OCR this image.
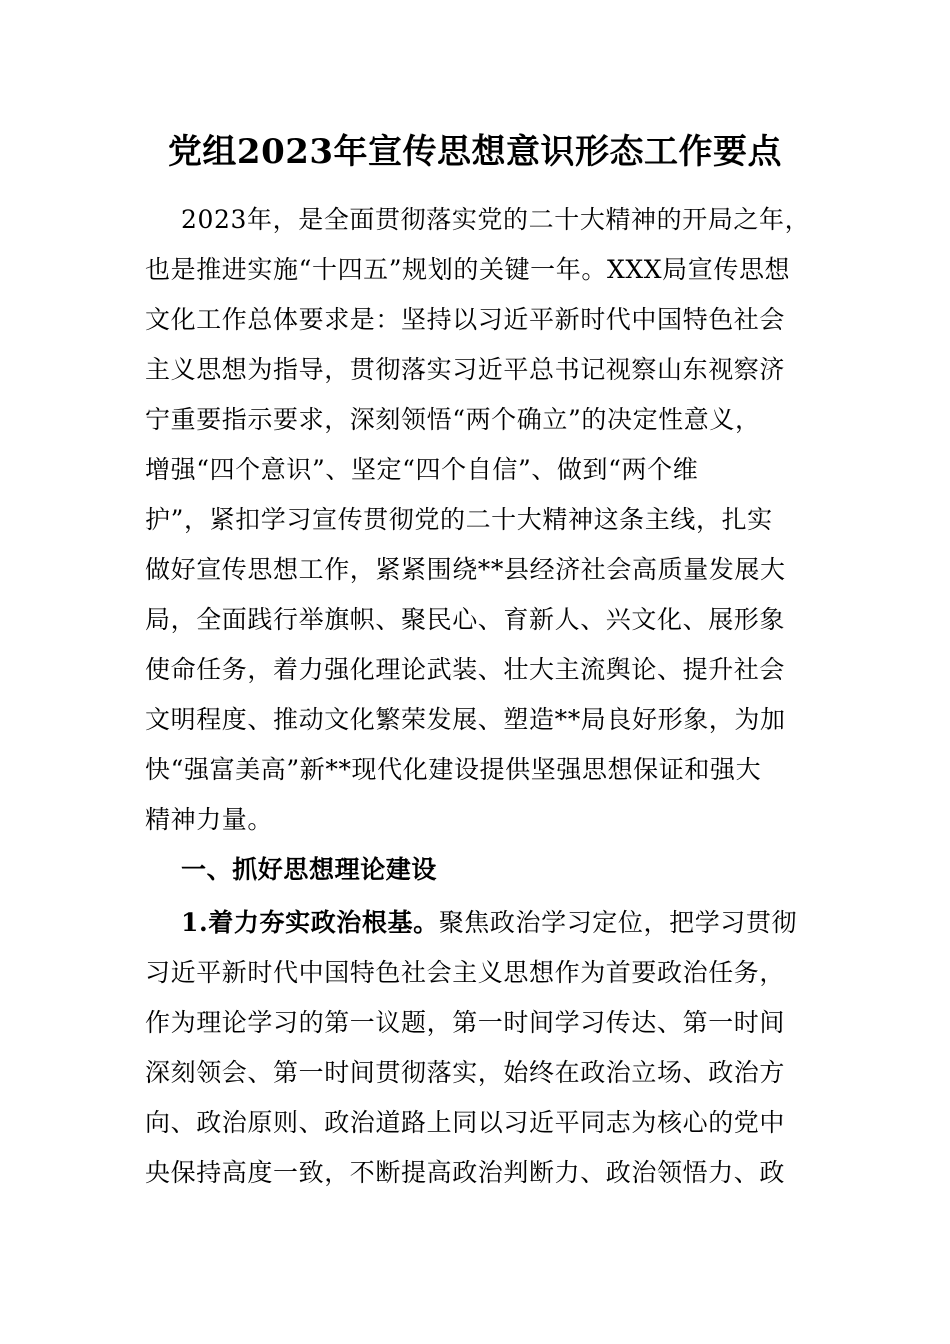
党组2023年宣传思想意识形态工作要点
2023年，是全面贯彻落实党的二十大精神的开局之年，
也是推进实施“十四五”规划的关键一年。XXX局宣传思想
文化工作总体要求是：坚持以习近平新时代中国特色社会
主义思想为指导，贯彻落实习近平总书记视察山东视察济
宁重要指示要求，深刻领悟“两个确立”的决定性意义，
增强“四个意识”、坚定“四个自信”、做到“两个维
护”，紧扣学习宣传贯彻党的二十大精神这条主线，扎实
做好宣传思想工作，紧紧围绕**县经济社会高质量发展大
局，全面践行举旗帜、聚民心、育新人、兴文化、展形象
使命任务，着力强化理论武装、壮大主流舆论、提升社会
文明程度、推动文化繁荣发展、塑造**局良好形象，为加
快“强富美高”新**现代化建设提供坚强思想保证和强大
精神力量。
一、抓好思想理论建设
1.着力夯实政治根基。聚焦政治学习定位，把学习贯彻
习近平新时代中国特色社会主义思想作为首要政治任务，
作为理论学习的第一议题，第一时间学习传达、第一时间
深刻领会、第一时间贯彻落实，始终在政治立场、政治方
向、政治原则、政治道路上同以习近平同志为核心的党中
央保持高度一致，不断提高政治判断力、政治领悟力、政
